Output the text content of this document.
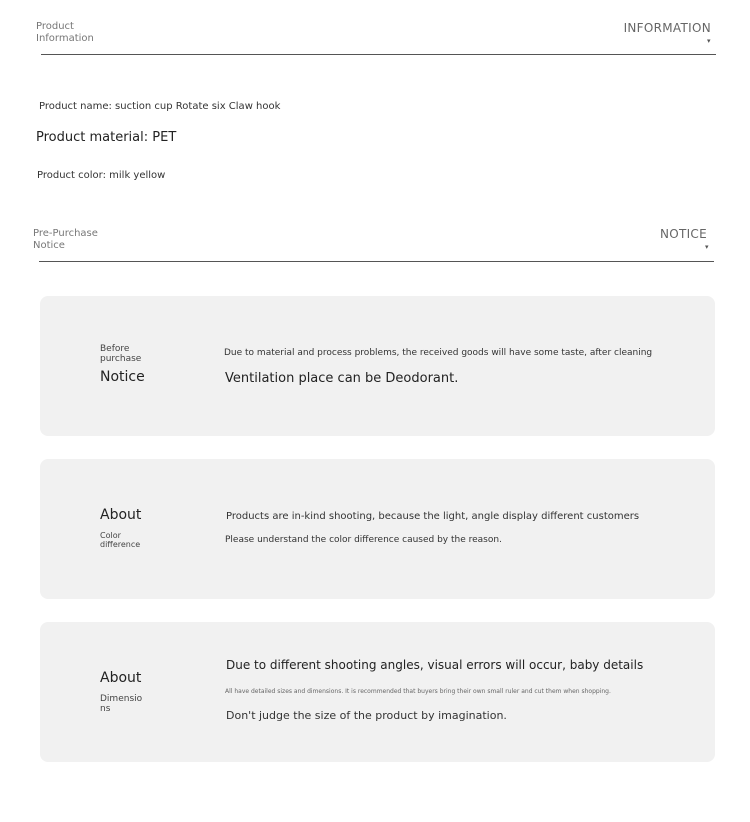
Product
Information
INFORMATION
▾
Product name: suction cup Rotate six Claw hook
Product material: PET
Product color: milk yellow
Pre-Purchase
Notice
NOTICE
▾
Before
purchase
Notice
Due to material and process problems, the received goods will have some taste, after cleaning
Ventilation place can be Deodorant.
About
Color
difference
Products are in-kind shooting, because the light, angle display different customers
Please understand the color difference caused by the reason.
About
Dimensio
ns
Due to different shooting angles, visual errors will occur, baby details
All have detailed sizes and dimensions. It is recommended that buyers bring their own small ruler and cut them when shopping.
Don't judge the size of the product by imagination.
